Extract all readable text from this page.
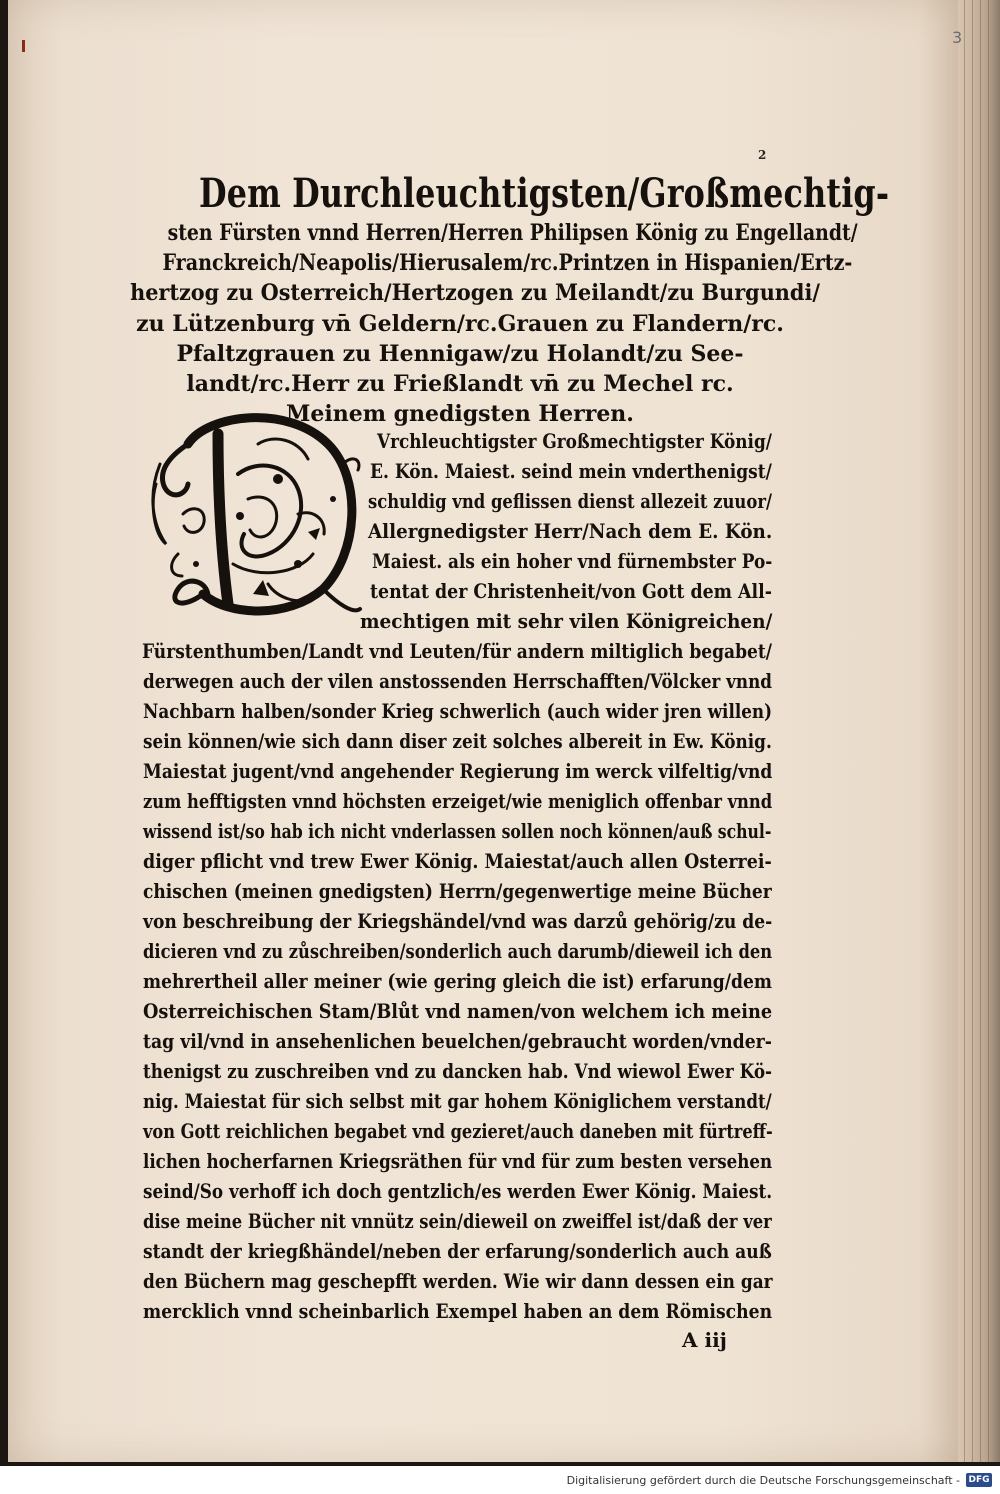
3
2
Dem Durchleuchtigsten/Großmechtig-
sten Fürsten vnnd Herren/Herren Philipsen König zu Engellandt/
Franckreich/Neapolis/Hierusalem/rc.Printzen in Hispanien/Ertz-
hertzog zu Osterreich/Hertzogen zu Meilandt/zu Burgundi/
zu Lützenburg vn̄ Geldern/rc.Grauen zu Flandern/rc.
Pfaltzgrauen zu Hennigaw/zu Holandt/zu See-
landt/rc.Herr zu Frießlandt vn̄ zu Mechel rc.
Meinem gnedigsten Herren.
Vrchleuchtigster Großmechtigster König/
E. Kön. Maiest. seind mein vnderthenigst/
schuldig vnd geflissen dienst allezeit zuuor/
Allergnedigster Herr/Nach dem E. Kön.
Maiest. als ein hoher vnd fürnembster Po-
tentat der Christenheit/von Gott dem All-
mechtigen mit sehr vilen Königreichen/
Fürstenthumben/Landt vnd Leuten/für andern miltiglich begabet/
derwegen auch der vilen anstossenden Herrschafften/Völcker vnnd
Nachbarn halben/sonder Krieg schwerlich (auch wider jren willen)
sein können/wie sich dann diser zeit solches albereit in Ew. König.
Maiestat jugent/vnd angehender Regierung im werck vilfeltig/vnd
zum hefftigsten vnnd höchsten erzeiget/wie meniglich offenbar vnnd
wissend ist/so hab ich nicht vnderlassen sollen noch können/auß schul-
diger pflicht vnd trew Ewer König. Maiestat/auch allen Osterrei-
chischen (meinen gnedigsten) Herrn/gegenwertige meine Bücher
von beschreibung der Kriegshändel/vnd was darzů gehörig/zu de-
dicieren vnd zu zůschreiben/sonderlich auch darumb/dieweil ich den
mehrertheil aller meiner (wie gering gleich die ist) erfarung/dem
Osterreichischen Stam/Blůt vnd namen/von welchem ich meine
tag vil/vnd in ansehenlichen beuelchen/gebraucht worden/vnder-
thenigst zu zuschreiben vnd zu dancken hab. Vnd wiewol Ewer Kö-
nig. Maiestat für sich selbst mit gar hohem Königlichem verstandt/
von Gott reichlichen begabet vnd gezieret/auch daneben mit fürtreff-
lichen hocherfarnen Kriegsräthen für vnd für zum besten versehen
seind/So verhoff ich doch gentzlich/es werden Ewer König. Maiest.
dise meine Bücher nit vnnütz sein/dieweil on zweiffel ist/daß der ver
standt der kriegßhändel/neben der erfarung/sonderlich auch auß
den Büchern mag geschepfft werden. Wie wir dann dessen ein gar
mercklich vnnd scheinbarlich Exempel haben an dem Römischen
A iij
Digitalisierung gefördert durch die Deutsche Forschungsgemeinschaft - DFG
